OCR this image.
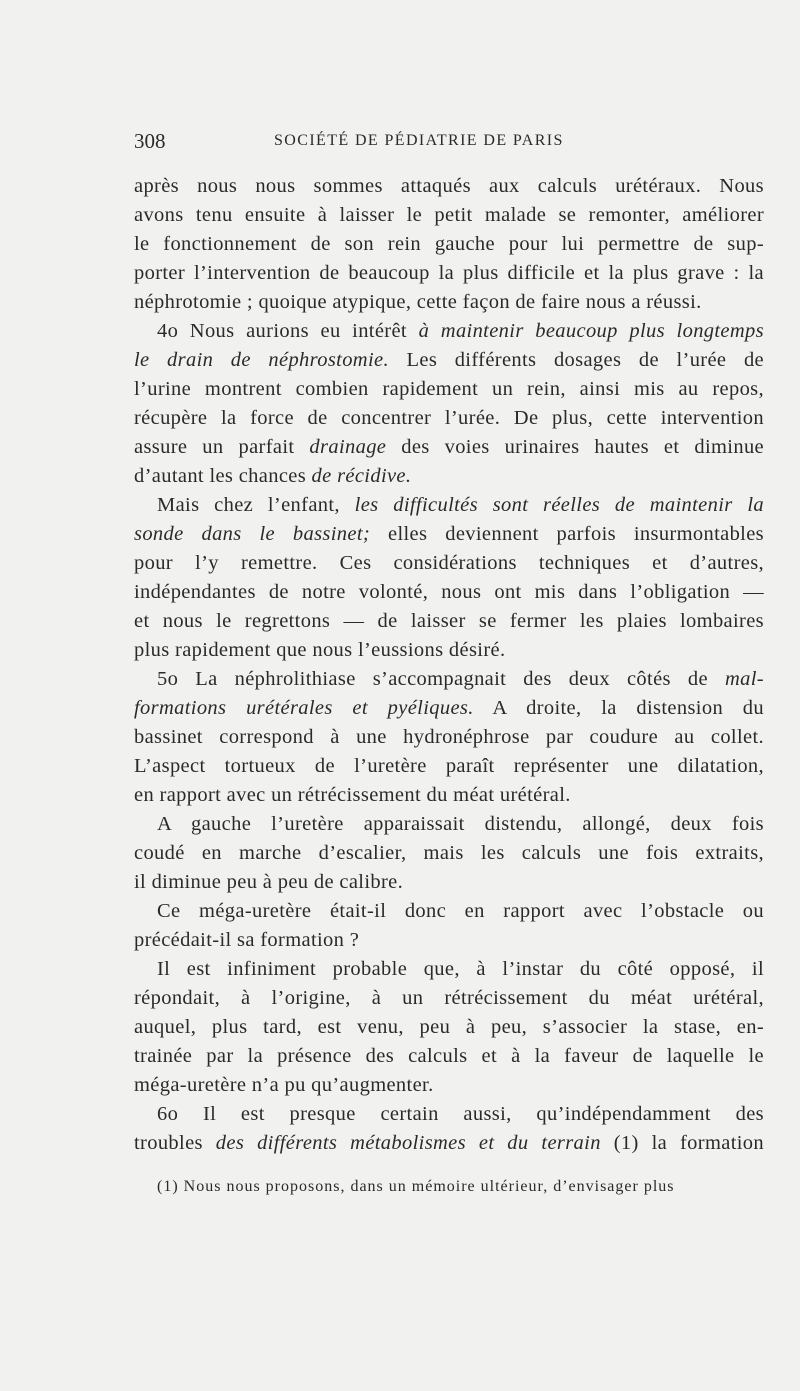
308	SOCIÉTÉ DE PÉDIATRIE DE PARIS
après nous nous sommes attaqués aux calculs urétéraux. Nous
avons tenu ensuite à laisser le petit malade se remonter, améliorer
le fonctionnement de son rein gauche pour lui permettre de sup-
porter l’intervention de beaucoup la plus difficile et la plus grave : la
néphrotomie ; quoique atypique, cette façon de faire nous a réussi.
4o Nous aurions eu intérêt à maintenir beaucoup plus longtemps
le drain de néphrostomie. Les différents dosages de l’urée de
l’urine montrent combien rapidement un rein, ainsi mis au repos,
récupère la force de concentrer l’urée. De plus, cette intervention
assure un parfait drainage des voies urinaires hautes et diminue
d’autant les chances de récidive.
Mais chez l’enfant, les difficultés sont réelles de maintenir la
sonde dans le bassinet; elles deviennent parfois insurmontables
pour l’y remettre. Ces considérations techniques et d’autres,
indépendantes de notre volonté, nous ont mis dans l’obligation —
et nous le regrettons — de laisser se fermer les plaies lombaires
plus rapidement que nous l’eussions désiré.
5o La néphrolithiase s’accompagnait des deux côtés de mal-
formations urétérales et pyéliques. A droite, la distension du
bassinet correspond à une hydronéphrose par coudure au collet.
L’aspect tortueux de l’uretère paraît représenter une dilatation,
en rapport avec un rétrécissement du méat urétéral.
A gauche l’uretère apparaissait distendu, allongé, deux fois
coudé en marche d’escalier, mais les calculs une fois extraits,
il diminue peu à peu de calibre.
Ce méga-uretère était-il donc en rapport avec l’obstacle ou
précédait-il sa formation ?
Il est infiniment probable que, à l’instar du côté opposé, il
répondait, à l’origine, à un rétrécissement du méat urétéral,
auquel, plus tard, est venu, peu à peu, s’associer la stase, en-
trainée par la présence des calculs et à la faveur de laquelle le
méga-uretère n’a pu qu’augmenter.
6o Il est presque certain aussi, qu’indépendamment des
troubles des différents métabolismes et du terrain (1) la formation
(1) Nous nous proposons, dans un mémoire ultérieur, d’envisager plus
